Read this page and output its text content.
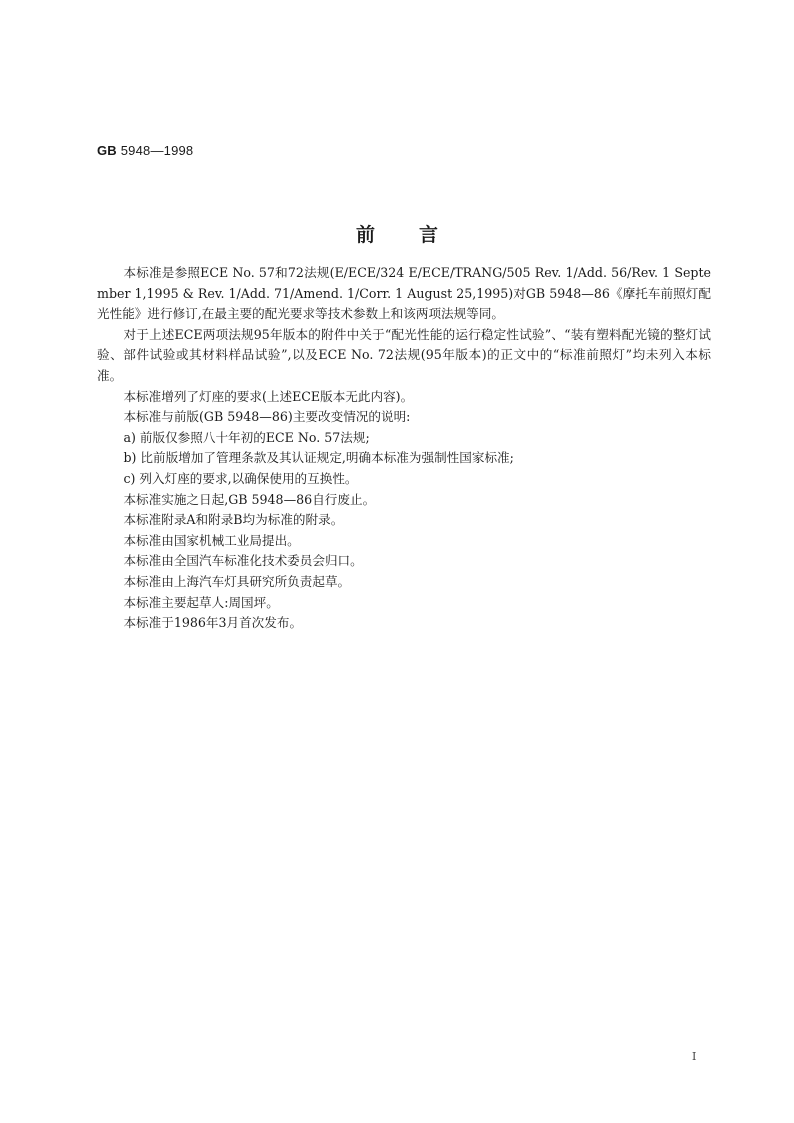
GB 5948—1998
前言

本标准是参照ECE No. 57和72法规(E/ECE/324 E/ECE/TRANG/505 Rev. 1/Add. 56/Rev. 1 September 1,1995 & Rev. 1/Add. 71/Amend. 1/Corr. 1 August 25,1995)对GB 5948—86《摩托车前照灯配光性能》进行修订,在最主要的配光要求等技术参数上和该两项法规等同。

对于上述ECE两项法规95年版本的附件中关于“配光性能的运行稳定性试验”、“装有塑料配光镜的整灯试验、部件试验或其材料样品试验”,以及ECE No. 72法规(95年版本)的正文中的“标准前照灯”均未列入本标准。

本标准增列了灯座的要求(上述ECE版本无此内容)。

本标准与前版(GB 5948—86)主要改变情况的说明:

a) 前版仅参照八十年初的ECE No. 57法规;

b) 比前版增加了管理条款及其认证规定,明确本标准为强制性国家标准;

c) 列入灯座的要求,以确保使用的互换性。

本标准实施之日起,GB 5948—86自行废止。

本标准附录A和附录B均为标准的附录。

本标准由国家机械工业局提出。

本标准由全国汽车标准化技术委员会归口。

本标准由上海汽车灯具研究所负责起草。

本标准主要起草人:周国坪。

本标准于1986年3月首次发布。

I
